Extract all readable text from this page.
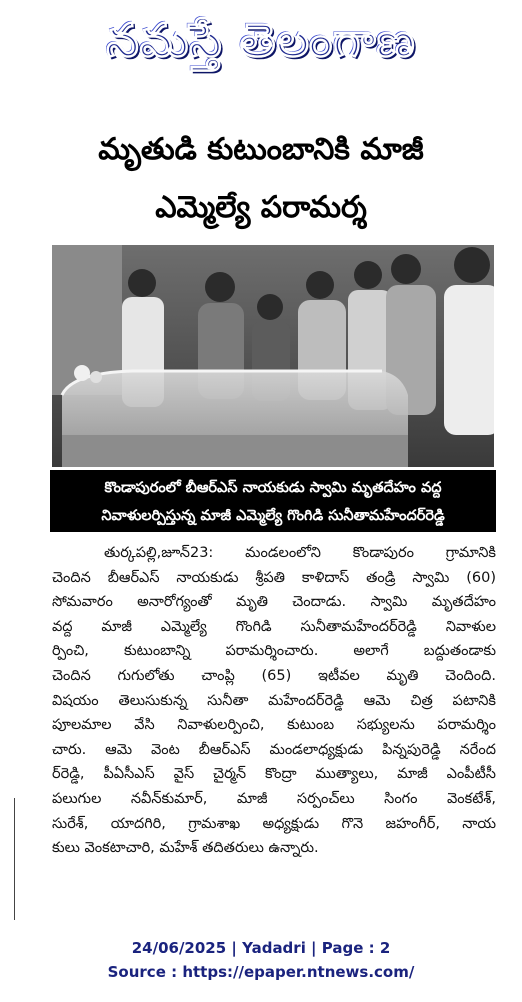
నమస్తే తెలంగాణ
మృతుడి కుటుంబానికి మాజీ
ఎమ్మెల్యే పరామర్శ
కొండాపురంలో బీఆర్‌ఎస్‌ నాయకుడు స్వామి మృతదేహం వద్ద
నివాళులర్పిస్తున్న మాజీ ఎమ్మెల్యే గొంగిడి సునీతామహేందర్‌రెడ్డి
తుర్కపల్లి,జూన్‌23: మండలంలోని కొండాపురం గ్రామానికి
చెందిన బీఆర్‌ఎస్‌ నాయకుడు శ్రీపతి కాళిదాస్‌ తండ్రి స్వామి (60)
సోమవారం అనారోగ్యంతో మృతి చెందాడు. స్వామి మృతదేహం
వద్ద మాజీ ఎమ్మెల్యే గొంగిడి సునీతామహేందర్‌రెడ్డి నివాళుల
ర్పించి, కుటుంబాన్ని పరామర్శించారు. అలాగే బద్దుతండాకు
చెందిన గుగులోతు చాంప్లి (65) ఇటీవల మృతి చెందింది.
విషయం తెలుసుకున్న సునీతా మహేందర్‌రెడ్డి ఆమె చిత్ర పటానికి
పూలమాల వేసి నివాళులర్పించి, కుటుంబ సభ్యులను పరామర్శిం
చారు. ఆమె వెంట బీఆర్‌ఎస్‌ మండలాధ్యక్షుడు పిన్నపురెడ్డి నరేంద
ర్‌రెడ్డి, పీఏసీఎస్‌ వైస్‌ చైర్మన్‌ కొంద్రా ముత్యాలు, మాజీ ఎంపీటీసీ
పలుగుల నవీన్‌కుమార్‌, మాజీ సర్పంచ్‌లు సింగం వెంకటేశ్‌,
సురేశ్‌, యాదగిరి, గ్రామశాఖ అధ్యక్షుడు గొనె జహంగీర్‌, నాయ
కులు వెంకటాచారి, మహేశ్‌ తదితరులు ఉన్నారు.
24/06/2025 | Yadadri | Page : 2
Source : https://epaper.ntnews.com/
